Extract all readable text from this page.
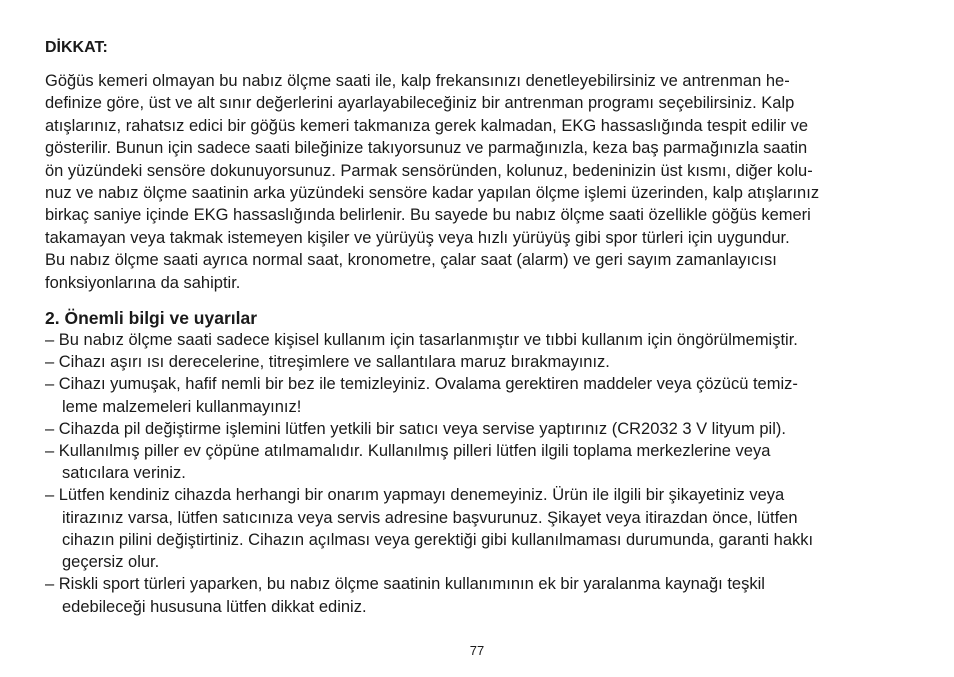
DİKKAT:
Göğüs kemeri olmayan bu nabız ölçme saati ile, kalp frekansınızı denetleyebilirsiniz ve antrenman he-
definize göre, üst ve alt sınır değerlerini ayarlayabileceğiniz bir antrenman programı seçebilirsiniz. Kalp
atışlarınız, rahatsız edici bir göğüs kemeri takmanıza gerek kalmadan, EKG hassaslığında tespit edilir ve
gösterilir. Bunun için sadece saati bileğinize takıyorsunuz ve parmağınızla, keza baş parmağınızla saatin
ön yüzündeki sensöre dokunuyorsunuz. Parmak sensöründen, kolunuz, bedeninizin üst kısmı, diğer kolu-
nuz ve nabız ölçme saatinin arka yüzündeki sensöre kadar yapılan ölçme işlemi üzerinden, kalp atışlarınız
birkaç saniye içinde EKG hassaslığında belirlenir. Bu sayede bu nabız ölçme saati özellikle göğüs kemeri
takamayan veya takmak istemeyen kişiler ve yürüyüş veya hızlı yürüyüş gibi spor türleri için uygundur.
Bu nabız ölçme saati ayrıca normal saat, kronometre, çalar saat (alarm) ve geri sayım zamanlayıcısı
fonksiyonlarına da sahiptir.
2. Önemli bilgi ve uyarılar
– Bu nabız ölçme saati sadece kişisel kullanım için tasarlanmıştır ve tıbbi kullanım için öngörülmemiştir.
– Cihazı aşırı ısı derecelerine, titreşimlere ve sallantılara maruz bırakmayınız.
– Cihazı yumuşak, hafif nemli bir bez ile temizleyiniz. Ovalama gerektiren maddeler veya çözücü temiz-
leme malzemeleri kullanmayınız!
– Cihazda pil değiştirme işlemini lütfen yetkili bir satıcı veya servise yaptırınız (CR2032 3 V lityum pil).
– Kullanılmış piller ev çöpüne atılmamalıdır. Kullanılmış pilleri lütfen ilgili toplama merkezlerine veya
satıcılara veriniz.
– Lütfen kendiniz cihazda herhangi bir onarım yapmayı denemeyiniz. Ürün ile ilgili bir şikayetiniz veya
itirazınız varsa, lütfen satıcınıza veya servis adresine başvurunuz. Şikayet veya itirazdan önce, lütfen
cihazın pilini değiştirtiniz. Cihazın açılması veya gerektiği gibi kullanılmaması durumunda, garanti hakkı
geçersiz olur.
– Riskli sport türleri yaparken, bu nabız ölçme saatinin kullanımının ek bir yaralanma kaynağı teşkil
edebileceği hususuna lütfen dikkat ediniz.
77
